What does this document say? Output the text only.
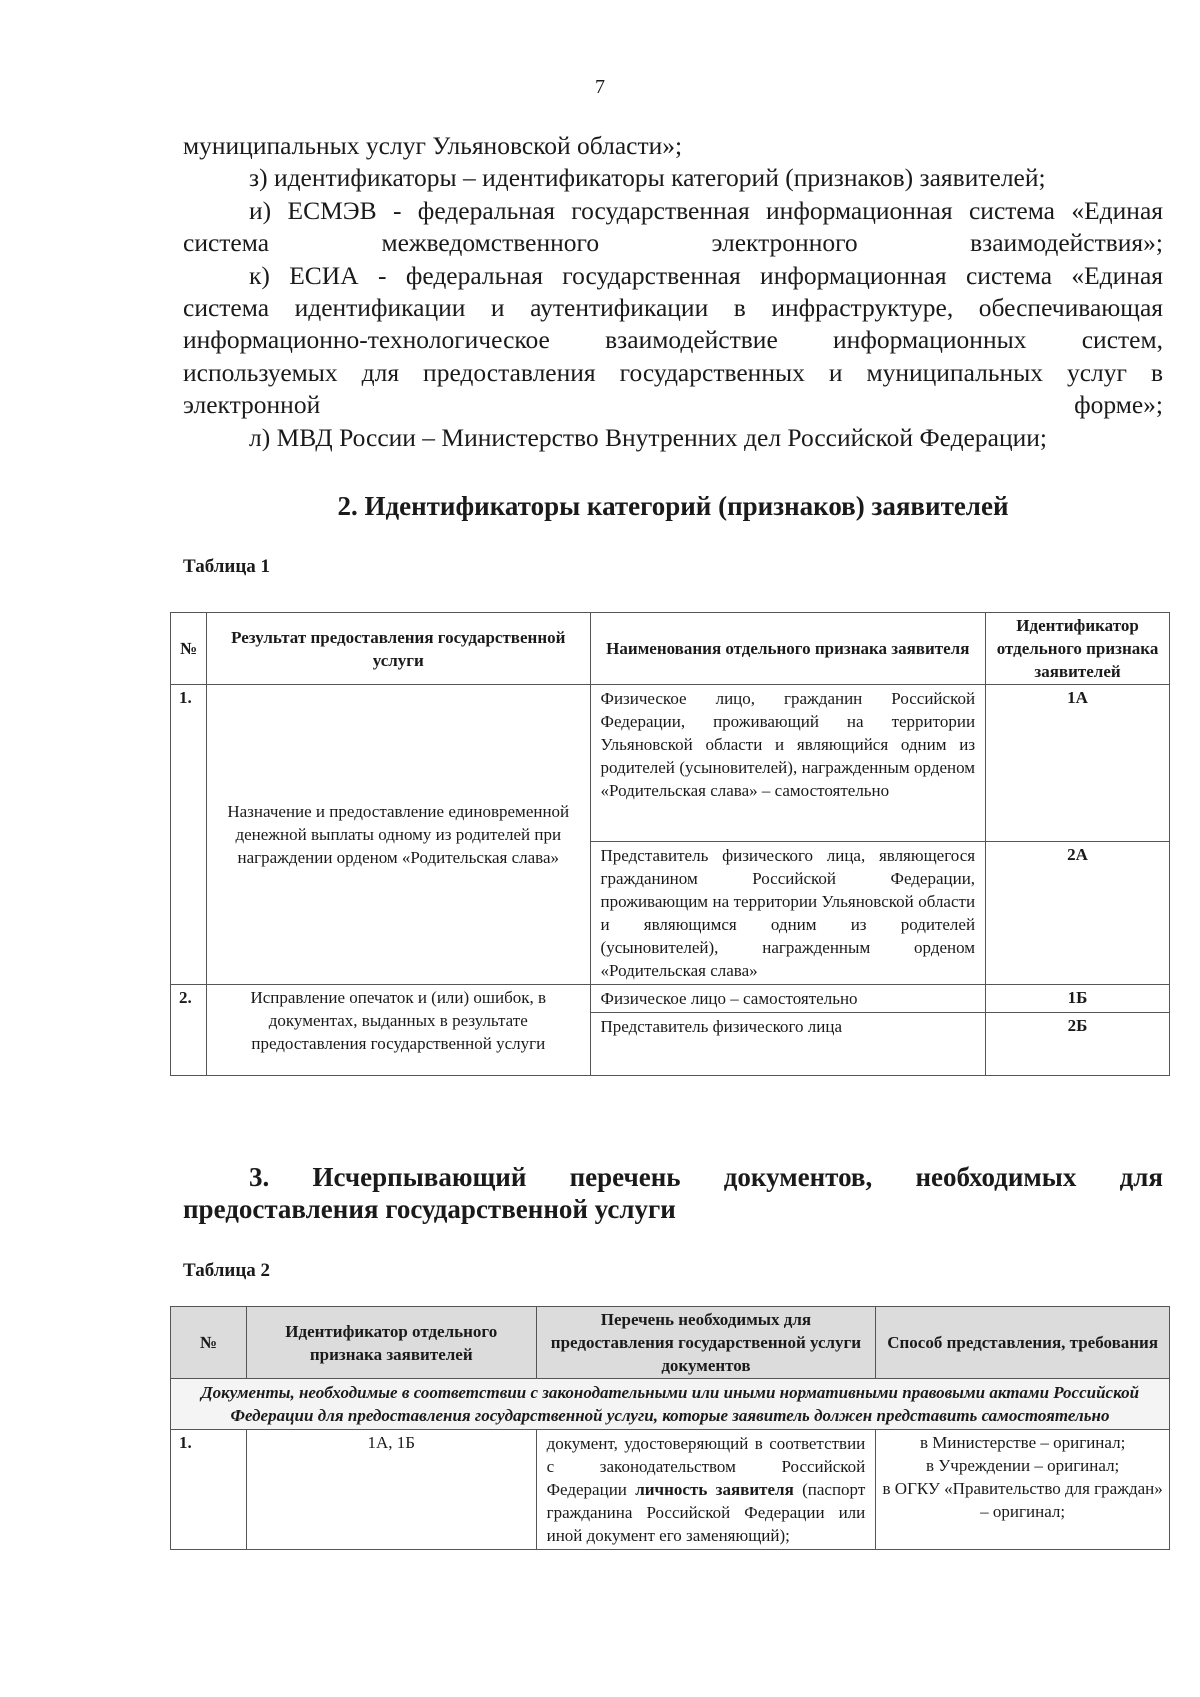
7

муниципальных услуг Ульяновской области»;

з) идентификаторы – идентификаторы категорий (признаков) заявителей;

и) ЕСМЭВ - федеральная государственная информационная система «Единая система межведомственного электронного взаимодействия»;

к) ЕСИА - федеральная государственная информационная система «Единая система идентификации и аутентификации в инфраструктуре, обеспечивающая информационно-технологическое взаимодействие информационных систем, используемых для предоставления государственных и муниципальных услуг в электронной форме»;

л) МВД России – Министерство Внутренних дел Российской Федерации;

2. Идентификаторы категорий (признаков) заявителей
Таблица 1
№	Результат предоставления государственной услуги	Наименования отдельного признака заявителя	Идентификатор отдельного признака заявителей
1.	Назначение и предоставление единовременной денежной выплаты одному из родителей при награждении орденом «Родительская слава»	Физическое лицо, гражданин Российской Федерации, проживающий на территории Ульяновской области и являющийся одним из родителей (усыновителей), награжденным орденом «Родительская слава» – самостоятельно	1А
		Представитель физического лица, являющегося гражданином Российской Федерации, проживающим на территории Ульяновской области и являющимся одним из родителей (усыновителей), награжденным орденом «Родительская слава»	2А
2.	Исправление опечаток и (или) ошибок, в документах, выданных в результате предоставления государственной услуги	Физическое лицо – самостоятельно	1Б
		Представитель физического лица	2Б
3. Исчерпывающий перечень документов, необходимых для
предоставления государственной услуги
Таблица 2
№	Идентификатор отдельного признака заявителей	Перечень необходимых для предоставления государственной услуги документов	Способ представления, требования
Документы, необходимые в соответствии с законодательными или иными нормативными правовыми актами Российской Федерации для предоставления государственной услуги, которые заявитель должен представить самостоятельно			
1.	1А, 1Б	документ, удостоверяющий в соответствии с законодательством Российской Федерации личность заявителя (паспорт гражданина Российской Федерации или иной документ его заменяющий);	в Министерстве – оригинал;
в Учреждении – оригинал;
в ОГКУ «Правительство для граждан» – оригинал;
